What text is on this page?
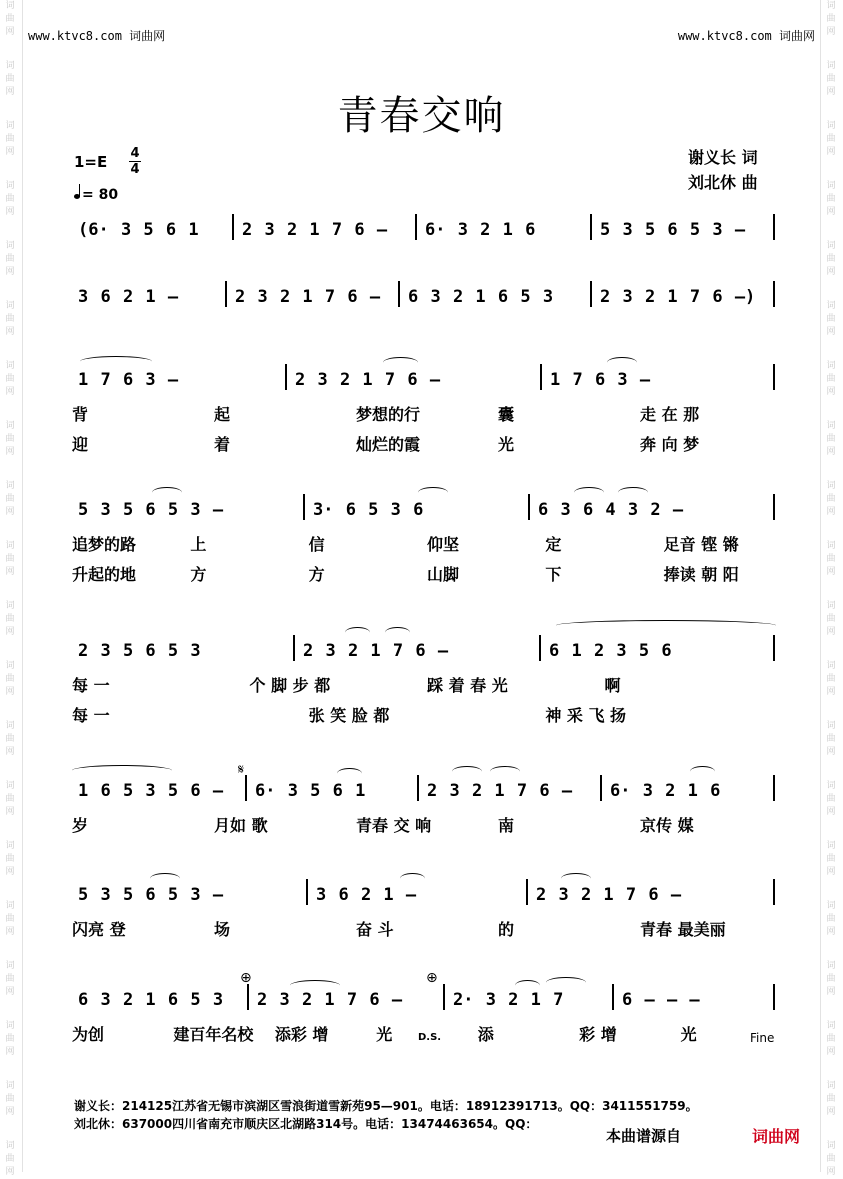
词曲网
词曲网
词曲网
词曲网
词曲网
词曲网
词曲网
词曲网
词曲网
词曲网
词曲网
词曲网
词曲网
词曲网
词曲网
词曲网
词曲网
词曲网
词曲网
词曲网
词曲网
词曲网
词曲网
词曲网
词曲网
词曲网
词曲网
词曲网
词曲网
词曲网
词曲网
词曲网
词曲网
词曲网
词曲网
词曲网
词曲网
词曲网
词曲网
词曲网
www.ktvc8.com 词曲网	www.ktvc8.com 词曲网
青春交响
1=E 4
4
= 80
谢义长 词
刘北休 曲
(6· 3 5 6 1	2 3 2 1 7 6 –	6· 3 2 1 6	5 3 5 6 5 3 –
3 6 2 1 –	2 3 2 1 7 6 –	6 3 2 1 6 5 3	2 3 2 1 7 6 –)
1 7 6 3 –	2 3 2 1 7 6 –	1 7 6 3 –
背	起	梦想的行	囊	走 在 那
迎	着	灿烂的霞	光	奔 向 梦
5 3 5 6 5 3 –	3· 6 5 3 6	6 3 6 4 3 2 –
追梦的路	上	信	仰坚	定	足音 铿 锵
升起的地	方	方	山脚	下	捧读 朝 阳
2 3 5 6 5 3	2 3 2 1 7 6 –	6 1 2 3 5 6
每 一	个 脚 步 都	踩 着 春 光	啊
每 一	张 笑 脸 都	神 采 飞 扬
1 6 5 3 5 6 –	6· 3 5 6 1	2 3 2 1 7 6 –	6· 3 2 1 6
岁	月如 歌	青春 交 响	南	京传 媒
5 3 5 6 5 3 –	3 6 2 1 –	2 3 2 1 7 6 –
闪亮 登	场	奋 斗	的	青春 最美丽
6 3 2 1 6 5 3	2 3 2 1 7 6 –	2· 3 2 1 7	6 – – –
为创	建百年名校 添彩 增	光	添	彩 增	光
D.S.	Fine
𝄋
⊕	⊕
谢义长：214125江苏省无锡市滨湖区雪浪街道雪新苑95—901。电话：18912391713。QQ：3411551759。
刘北休：637000四川省南充市顺庆区北湖路314号。电话：13474463654。QQ：
本曲谱源自	词曲网
